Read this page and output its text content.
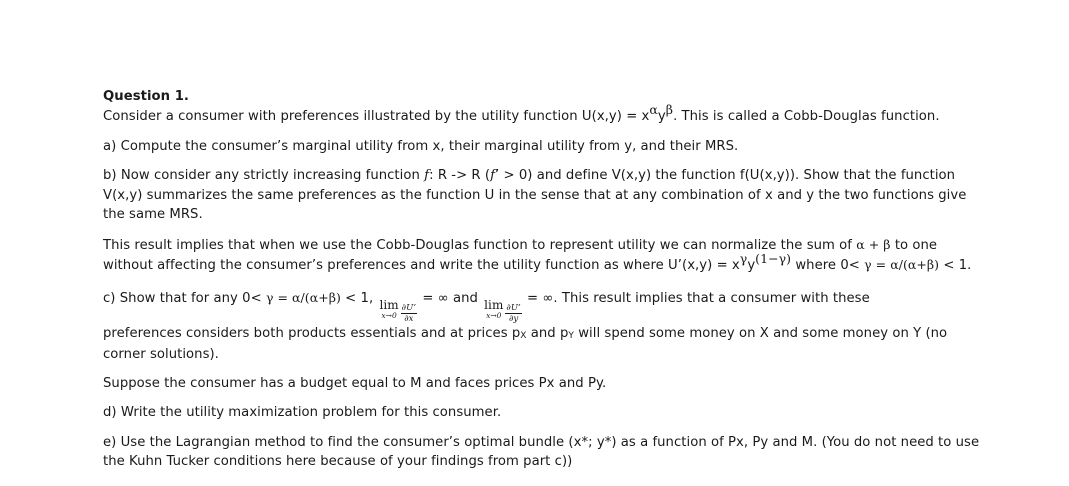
Question 1.
Consider a consumer with preferences illustrated by the utility function $U(x,y) = x^\alpha y^\beta$. This is called a Cobb-Douglas function.
a) Compute the consumer’s marginal utility from x, their marginal utility from y, and their MRS.
b) Now consider any strictly increasing function f: R -> R (f’ > 0) and define V(x,y) the function f(U(x,y)). Show that the function V(x,y) summarizes the same preferences as the function U in the sense that at any combination of x and y the two functions give the same MRS.
This result implies that when we use the Cobb-Douglas function to represent utility we can normalize the sum of α + β to one without affecting the consumer’s preferences and write the utility function as where U’(x,y) = $x^\gamma y^{(1-\gamma)}$ where 0< γ = α/(α+β) < 1.
c) Show that for any 0< γ = α/(α+β) < 1, lim
$x\to 0 \frac{\partial U’}{\partial x}$
= ∞ and lim
$x\to 0 \frac{\partial U’}{\partial y}$
= ∞. This result implies that a consumer with these
preferences considers both products essentials and at prices pX and pY will spend some money on X and some money on Y (no corner solutions).
Suppose the consumer has a budget equal to M and faces prices Px and Py.
d) Write the utility maximization problem for this consumer.
e) Use the Lagrangian method to find the consumer’s optimal bundle (x*; y*) as a function of Px, Py and M. (You do not need to use the Kuhn Tucker conditions here because of your findings from part c))
